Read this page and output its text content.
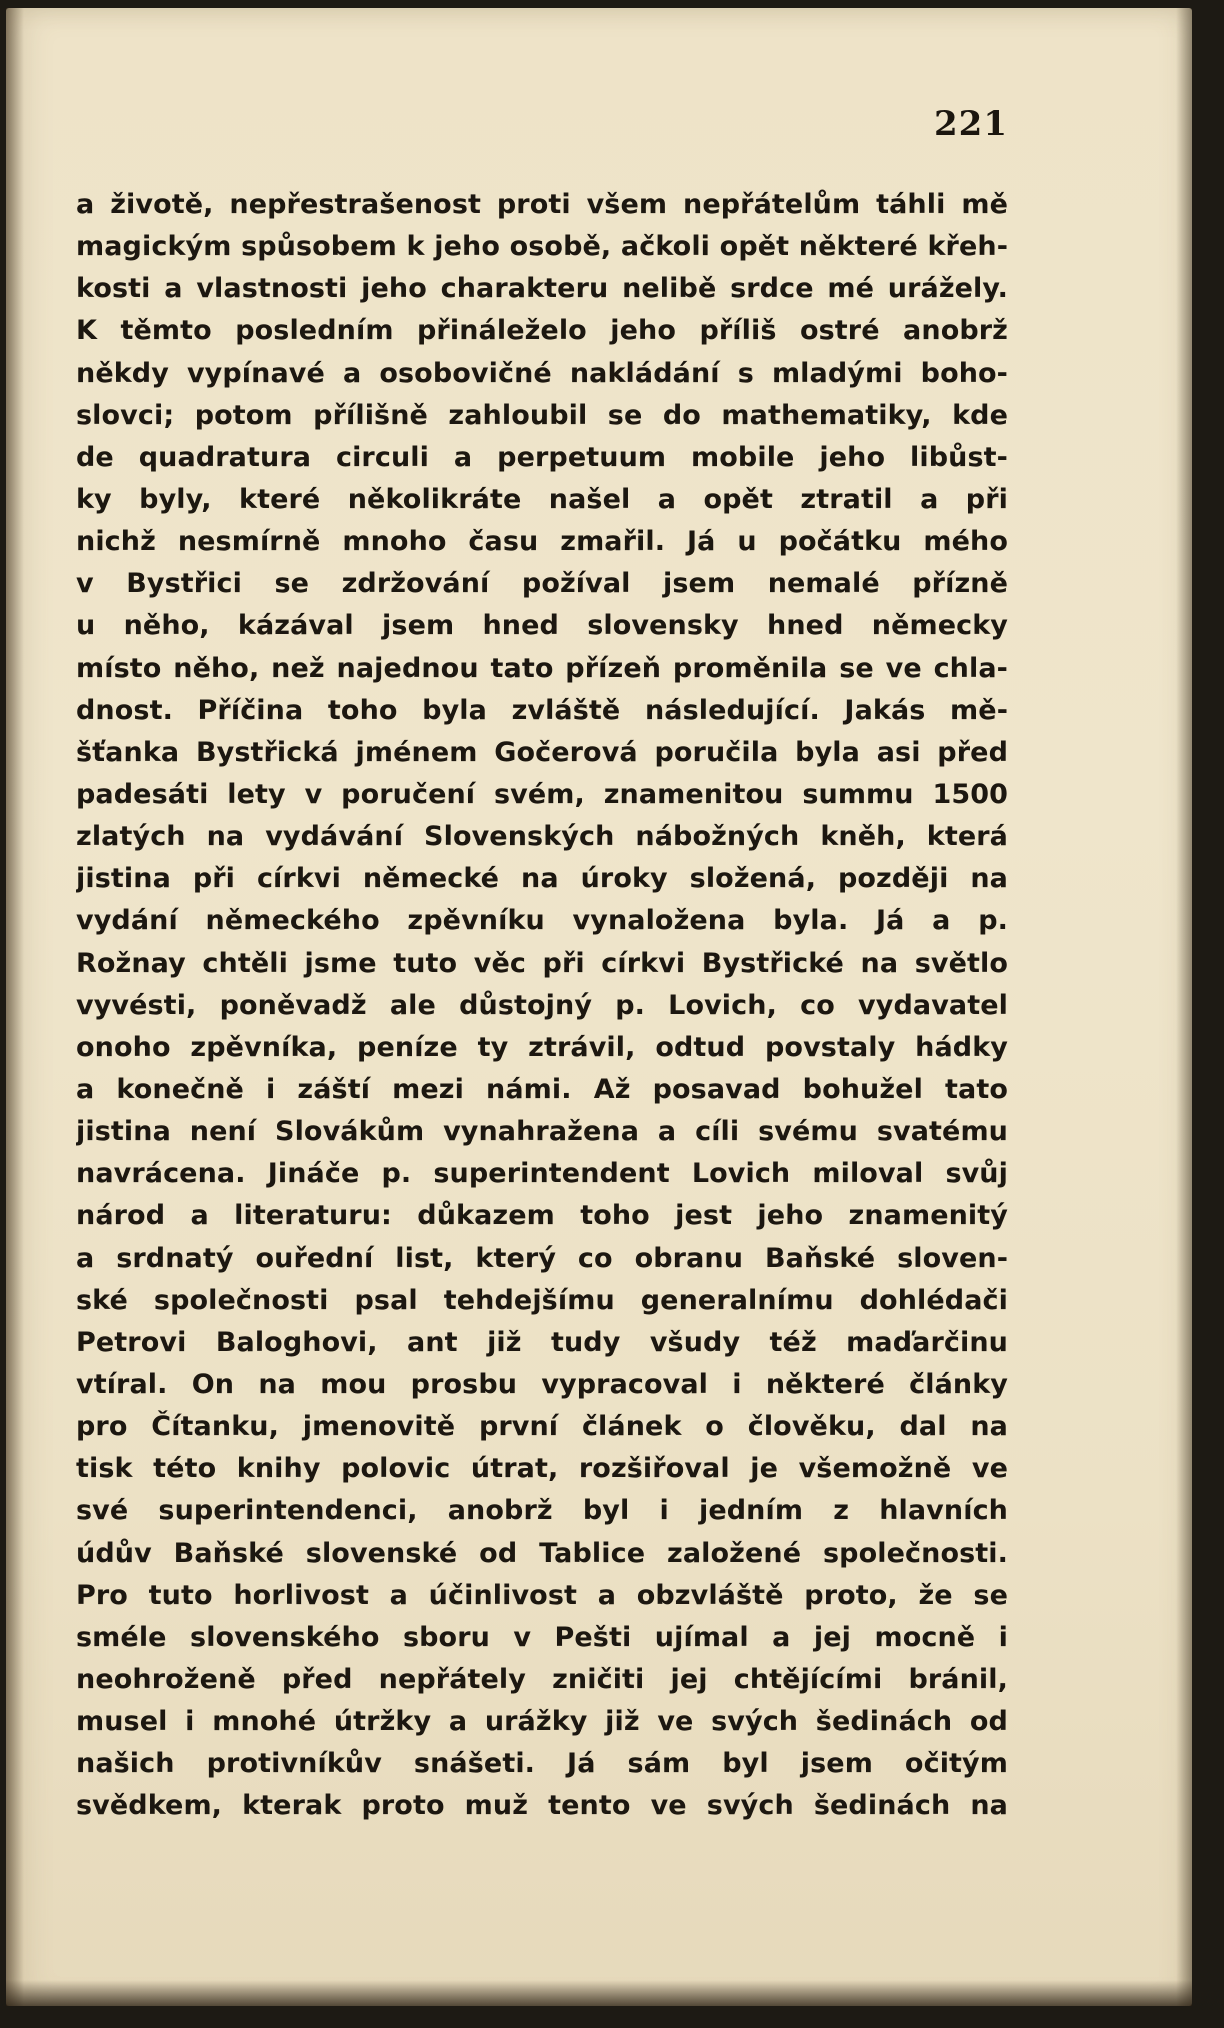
221
a životě, nepřestrašenost proti všem nepřátelům táhli mě
magickým spůsobem k jeho osobě, ačkoli opět některé křeh-
kosti a vlastnosti jeho charakteru nelibě srdce mé urážely.
K těmto posledním přináleželo jeho příliš ostré anobrž
někdy vypínavé a osobovičné nakládání s mladými boho-
slovci; potom přílišně zahloubil se do mathematiky, kde
de quadratura circuli a perpetuum mobile jeho libůst-
ky byly, které několikráte našel a opět ztratil a při
nichž nesmírně mnoho času zmařil. Já u počátku mého
v Bystřici se zdržování požíval jsem nemalé přízně
u něho, kázával jsem hned slovensky hned německy
místo něho, než najednou tato přízeň proměnila se ve chla-
dnost. Příčina toho byla zvláště následující. Jakás mě-
šťanka Bystřická jménem Gočerová poručila byla asi před
padesáti lety v poručení svém, znamenitou summu 1500
zlatých na vydávání Slovenských nábožných kněh, která
jistina při církvi německé na úroky složená, později na
vydání německého zpěvníku vynaložena byla. Já a p.
Rožnay chtěli jsme tuto věc při církvi Bystřické na světlo
vyvésti, poněvadž ale důstojný p. Lovich, co vydavatel
onoho zpěvníka, peníze ty ztrávil, odtud povstaly hádky
a konečně i záští mezi námi. Až posavad bohužel tato
jistina není Slovákům vynahražena a cíli svému svatému
navrácena. Jináče p. superintendent Lovich miloval svůj
národ a literaturu: důkazem toho jest jeho znamenitý
a srdnatý ouřední list, který co obranu Baňské sloven-
ské společnosti psal tehdejšímu generalnímu dohlédači
Petrovi Baloghovi, ant již tudy všudy též maďarčinu
vtíral. On na mou prosbu vypracoval i některé články
pro Čítanku, jmenovitě první článek o člověku, dal na
tisk této knihy polovic útrat, rozšiřoval je všemožně ve
své superintendenci, anobrž byl i jedním z hlavních
údův Baňské slovenské od Tablice založené společnosti.
Pro tuto horlivost a účinlivost a obzvláště proto, že se
sméle slovenského sboru v Pešti ujímal a jej mocně i
neohroženě před nepřátely zničiti jej chtějícími bránil,
musel i mnohé útržky a urážky již ve svých šedinách od
našich protivníkův snášeti. Já sám byl jsem očitým
svědkem, kterak proto muž tento ve svých šedinách na
